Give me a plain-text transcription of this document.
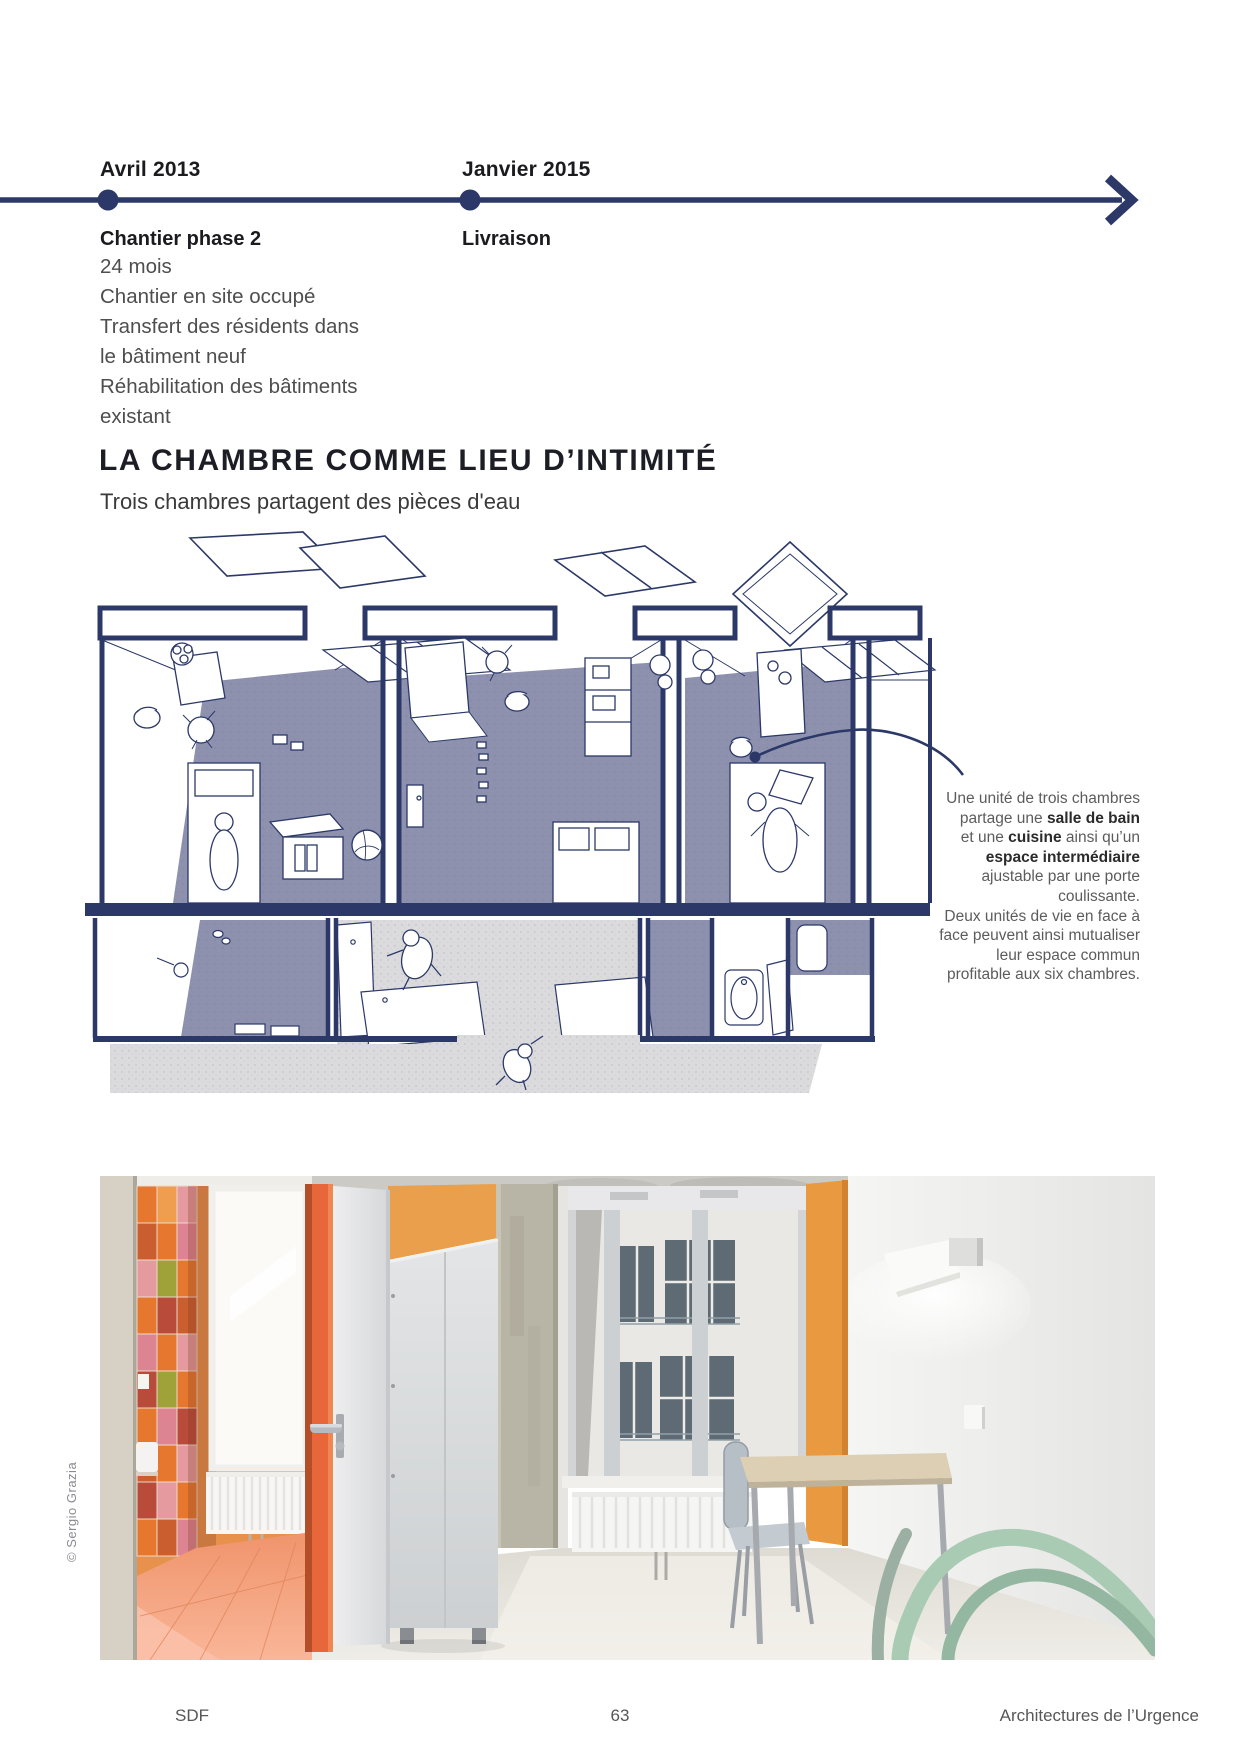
Avril 2013	Janvier 2015
Chantier phase 2	Livraison
24 mois
Chantier en site occupé
Transfert des résidents dans
le bâtiment neuf
Réhabilitation des bâtiments
existant
LA CHAMBRE COMME LIEU D’INTIMITÉ
Trois chambres partagent des pièces d'eau
Une unité de trois chambres
partage une salle de bain
et une cuisine ainsi qu’un
espace intermédiaire
ajustable par une porte
coulissante.
Deux unités de vie en face à
face peuvent ainsi mutualiser
leur espace commun
profitable aux six chambres.
© Sergio Grazia
SDF	63	Architectures de l’Urgence
